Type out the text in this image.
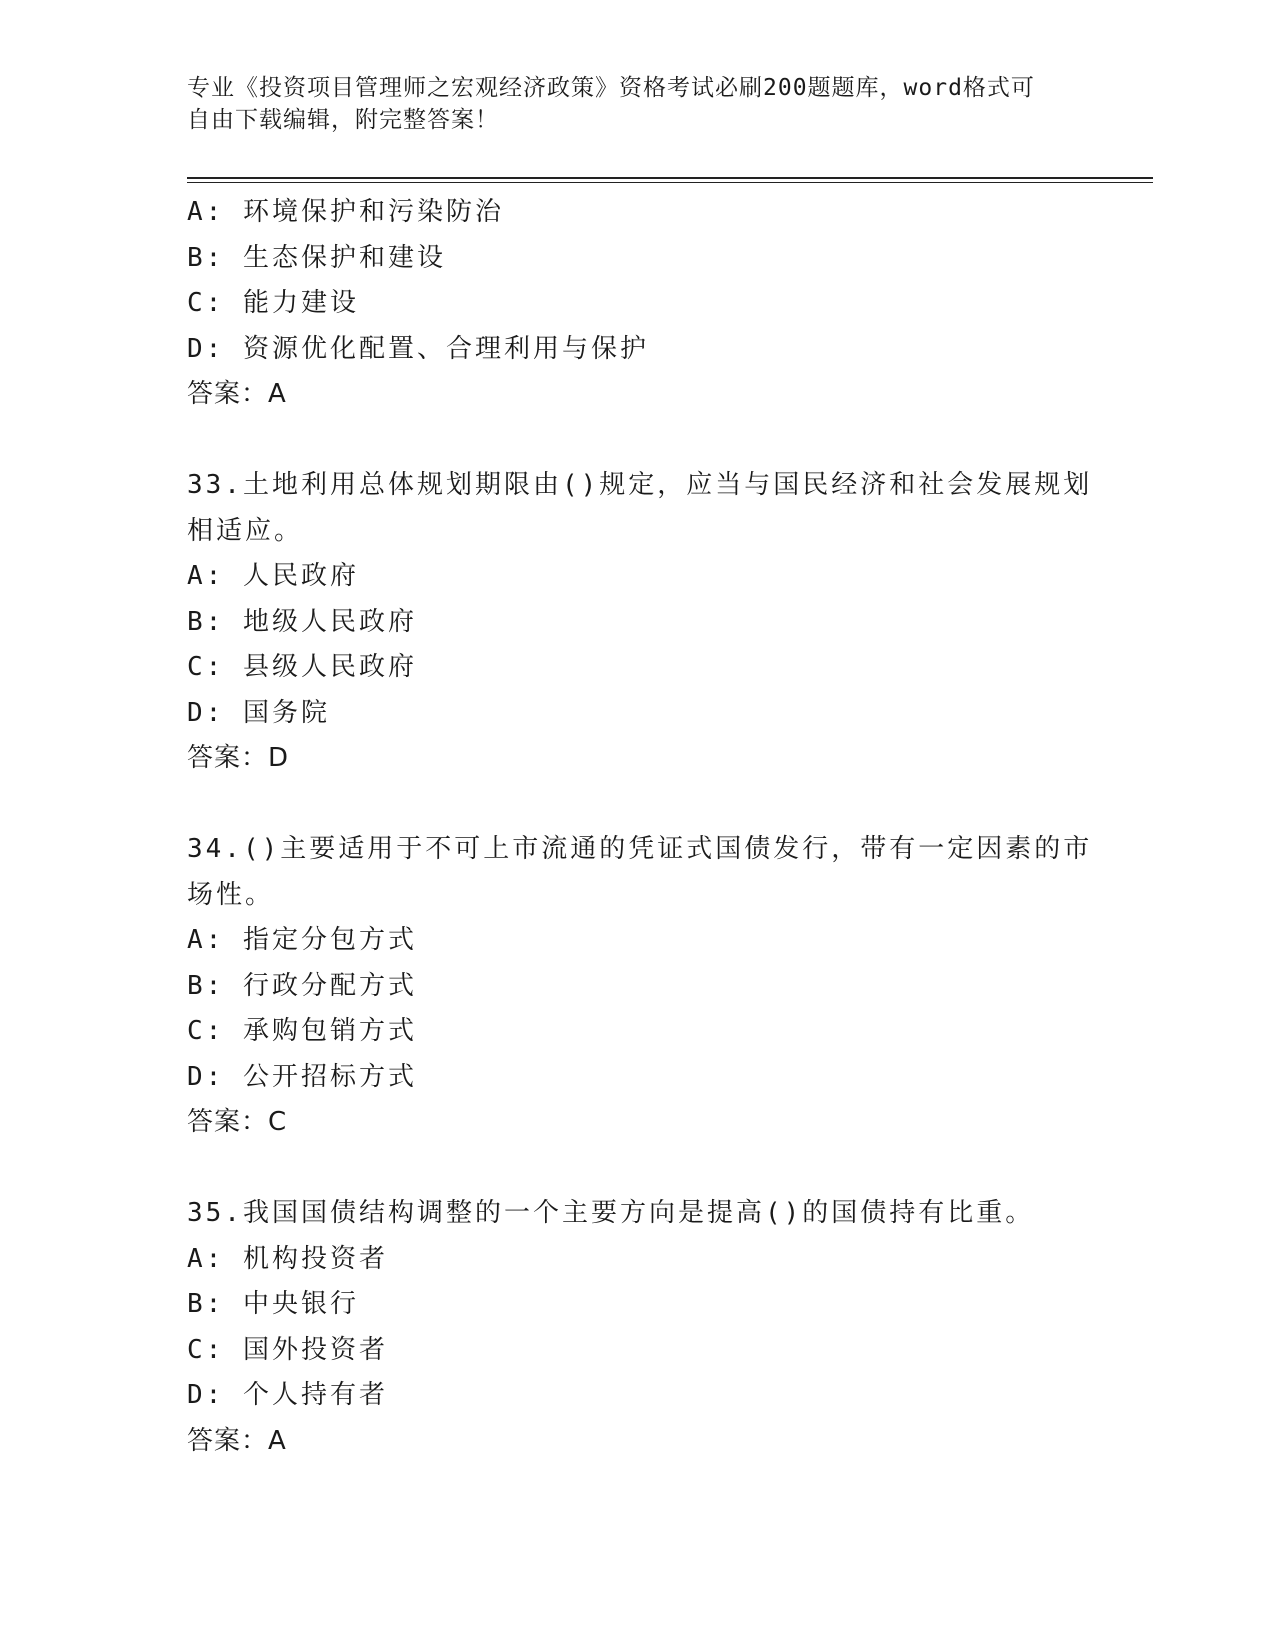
专业《投资项目管理师之宏观经济政策》资格考试必刷200题题库，word格式可
自由下载编辑，附完整答案！
A: 环境保护和污染防治
B: 生态保护和建设
C: 能力建设
D: 资源优化配置、合理利用与保护
答案：A
33.土地利用总体规划期限由()规定，应当与国民经济和社会发展规划
相适应。
A: 人民政府
B: 地级人民政府
C: 县级人民政府
D: 国务院
答案：D
34.()主要适用于不可上市流通的凭证式国债发行，带有一定因素的市
场性。
A: 指定分包方式
B: 行政分配方式
C: 承购包销方式
D: 公开招标方式
答案：C
35.我国国债结构调整的一个主要方向是提高()的国债持有比重。
A: 机构投资者
B: 中央银行
C: 国外投资者
D: 个人持有者
答案：A
